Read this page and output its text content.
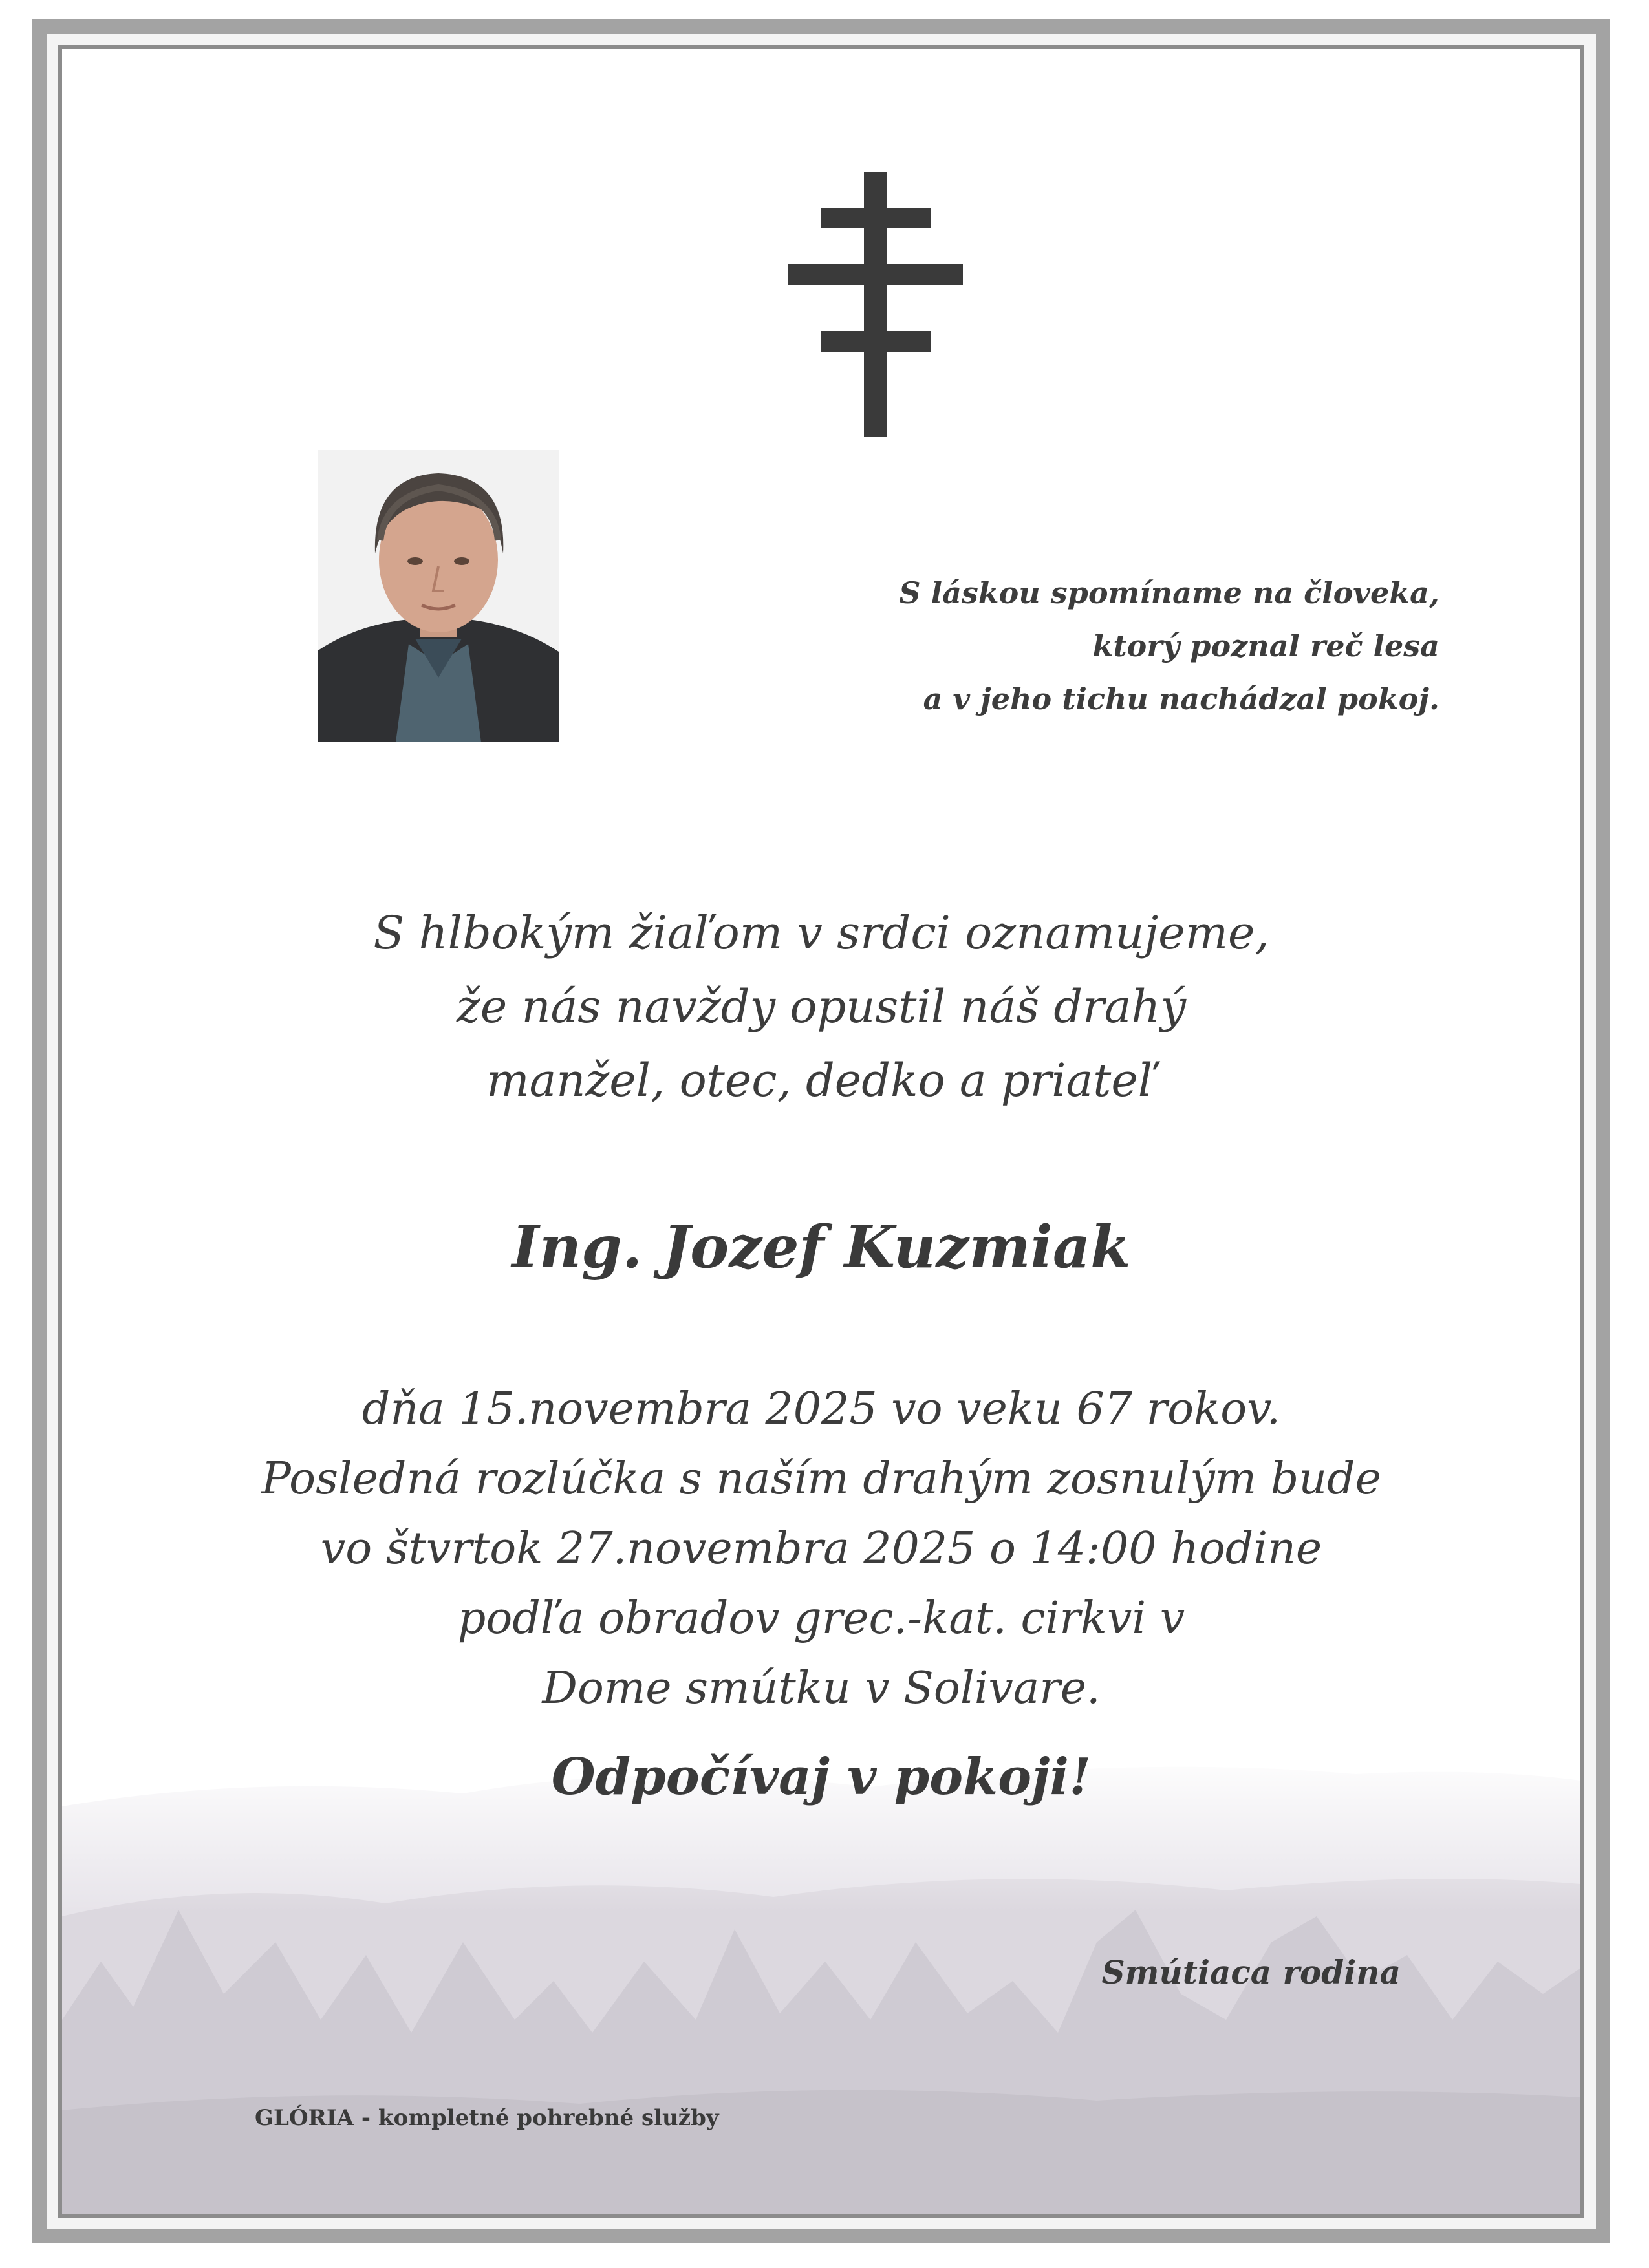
S láskou spomíname na človeka,
ktorý poznal reč lesa
a v jeho tichu nachádzal pokoj.
S hlbokým žiaľom v srdci oznamujeme,
že nás navždy opustil náš drahý
manžel, otec, dedko a priateľ
Ing. Jozef Kuzmiak
dňa 15.novembra 2025 vo veku 67 rokov.
Posledná rozlúčka s naším drahým zosnulým bude
vo štvrtok 27.novembra 2025 o 14:00 hodine
podľa obradov grec.-kat. cirkvi v
Dome smútku v Solivare.
Odpočívaj v pokoji!
Smútiaca rodina
GLÓRIA - kompletné pohrebné služby
